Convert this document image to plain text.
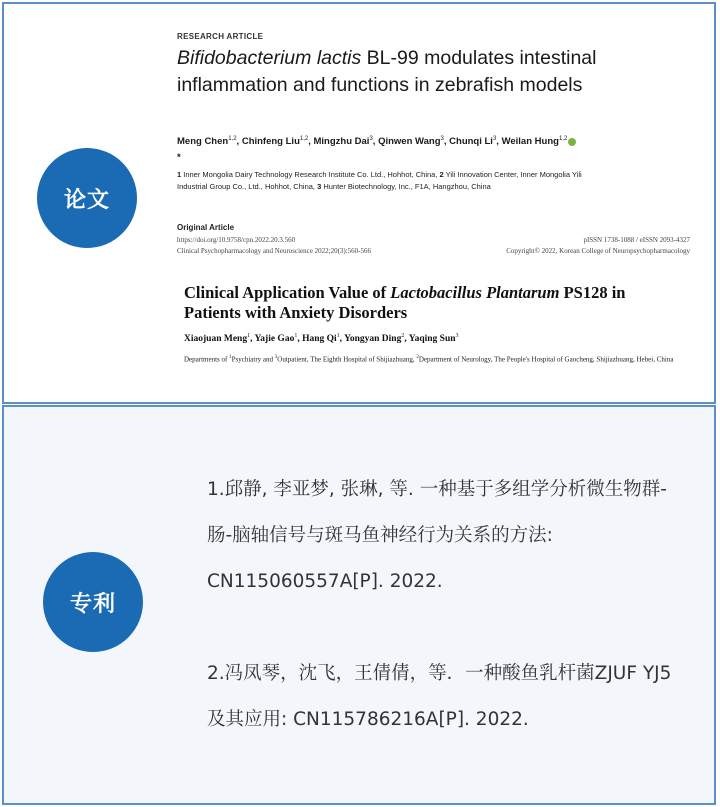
论文
专利
RESEARCH ARTICLE
Bifidobacterium lactis BL-99 modulates intestinal inflammation and functions in zebrafish models
Meng Chen$^{1,2}$, Chinfeng Liu$^{1,2}$, Mingzhu Dai$^3$, Qinwen Wang$^3$, Chunqi Li$^3$, Weilan Hung$^{1,2}$*
1 Inner Mongolia Dairy Technology Research Institute Co. Ltd., Hohhot, China, 2 Yili Innovation Center, Inner Mongolia Yili Industrial Group Co., Ltd., Hohhot, China, 3 Hunter Biotechnology, Inc., F1A, Hangzhou, China
Original Article
https://doi.org/10.9758/cpn.2022.20.3.560
Clinical Psychopharmacology and Neuroscience 2022;20(3):560-566
pISSN 1738-1088 / eISSN 2093-4327
Copyright© 2022, Korean College of Neuropsychopharmacology
Clinical Application Value of Lactobacillus Plantarum PS128 in Patients with Anxiety Disorders
Xiaojuan Meng$^1$, Yajie Gao$^1$, Hang Qi$^1$, Yongyan Ding$^2$, Yaqing Sun$^3$
Departments of $^1$Psychiatry and $^3$Outpatient, The Eighth Hospital of Shijiazhuang, $^2$Department of Neurology, The People's Hospital of Gaocheng, Shijiazhuang, Hebei, China
1.邱静, 李亚梦, 张琳, 等. 一种基于多组学分析微生物群-肠-脑轴信号与斑马鱼神经行为关系的方法: CN115060557A[P]. 2022.
2.冯凤琴，沈飞，王倩倩，等．一种酸鱼乳杆菌ZJUF YJ5及其应用: CN115786216A[P]. 2022.
